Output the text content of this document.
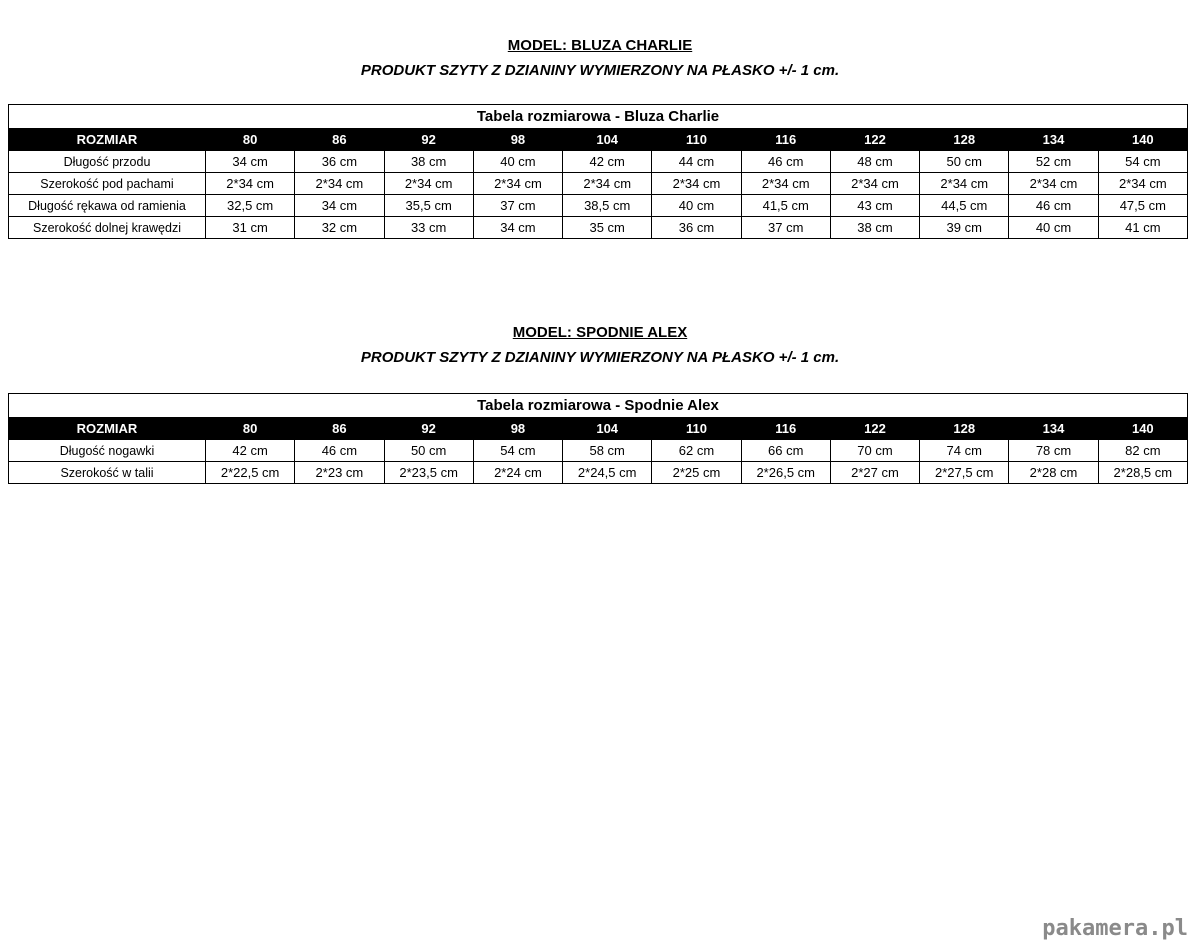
MODEL: BLUZA CHARLIE
PRODUKT SZYTY Z DZIANINY WYMIERZONY NA PŁASKO +/- 1 cm.
Tabela rozmiarowa - Bluza Charlie											
ROZMIAR	80	86	92	98	104	110	116	122	128	134	140
Długość przodu	34 cm	36 cm	38 cm	40 cm	42 cm	44 cm	46 cm	48 cm	50 cm	52 cm	54 cm
Szerokość pod pachami	2*34 cm	2*34 cm	2*34 cm	2*34 cm	2*34 cm	2*34 cm	2*34 cm	2*34 cm	2*34 cm	2*34 cm	2*34 cm
Długość rękawa od ramienia	32,5 cm	34 cm	35,5 cm	37 cm	38,5 cm	40 cm	41,5 cm	43 cm	44,5 cm	46 cm	47,5 cm
Szerokość dolnej krawędzi	31 cm	32 cm	33 cm	34 cm	35 cm	36 cm	37 cm	38 cm	39 cm	40 cm	41 cm
MODEL: SPODNIE ALEX
PRODUKT SZYTY Z DZIANINY WYMIERZONY NA PŁASKO +/- 1 cm.
Tabela rozmiarowa - Spodnie Alex											
ROZMIAR	80	86	92	98	104	110	116	122	128	134	140
Długość nogawki	42 cm	46 cm	50 cm	54 cm	58 cm	62 cm	66 cm	70 cm	74 cm	78 cm	82 cm
Szerokość w talii	2*22,5 cm	2*23 cm	2*23,5 cm	2*24 cm	2*24,5 cm	2*25 cm	2*26,5 cm	2*27 cm	2*27,5 cm	2*28 cm	2*28,5 cm
pakamera.pl
